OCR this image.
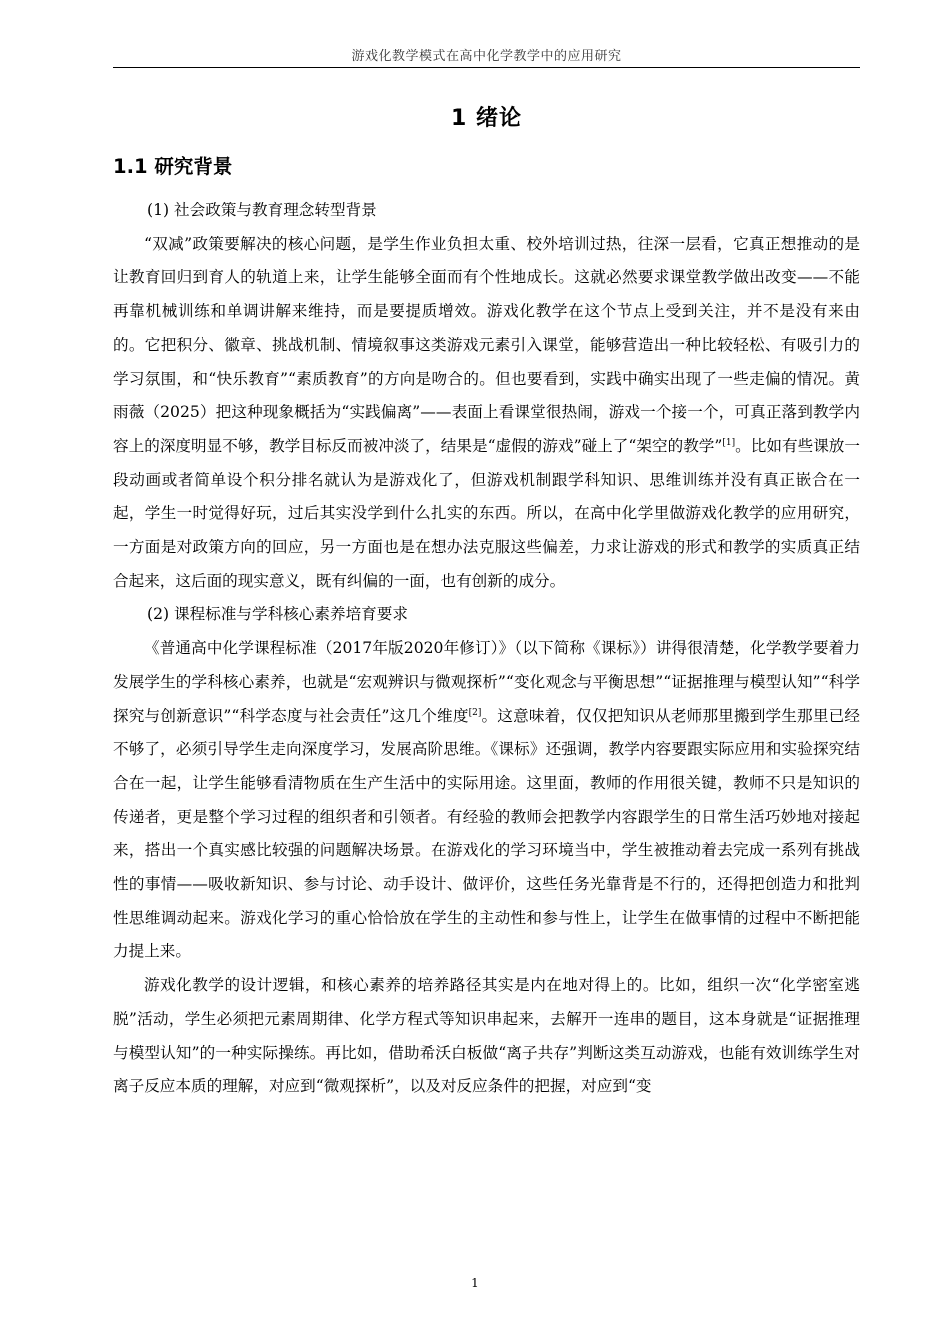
游戏化教学模式在高中化学教学中的应用研究
1 绪论
1.1 研究背景

(1) 社会政策与教育理念转型背景

“双减”政策要解决的核心问题，是学生作业负担太重、校外培训过热，往深一层看，它真正想推动的是让教育回归到育人的轨道上来，让学生能够全面而有个性地成长。这就必然要求课堂教学做出改变——不能再靠机械训练和单调讲解来维持，而是要提质增效。游戏化教学在这个节点上受到关注，并不是没有来由的。它把积分、徽章、挑战机制、情境叙事这类游戏元素引入课堂，能够营造出一种比较轻松、有吸引力的学习氛围，和“快乐教育”“素质教育”的方向是吻合的。但也要看到，实践中确实出现了一些走偏的情况。黄雨薇（2025）把这种现象概括为“实践偏离”——表面上看课堂很热闹，游戏一个接一个，可真正落到教学内容上的深度明显不够，教学目标反而被冲淡了，结果是“虚假的游戏”碰上了“架空的教学”[1]。比如有些课放一段动画或者简单设个积分排名就认为是游戏化了，但游戏机制跟学科知识、思维训练并没有真正嵌合在一起，学生一时觉得好玩，过后其实没学到什么扎实的东西。所以，在高中化学里做游戏化教学的应用研究，一方面是对政策方向的回应，另一方面也是在想办法克服这些偏差，力求让游戏的形式和教学的实质真正结合起来，这后面的现实意义，既有纠偏的一面，也有创新的成分。

(2) 课程标准与学科核心素养培育要求

《普通高中化学课程标准（2017年版2020年修订）》（以下简称《课标》）讲得很清楚，化学教学要着力发展学生的学科核心素养，也就是“宏观辨识与微观探析”“变化观念与平衡思想”“证据推理与模型认知”“科学探究与创新意识”“科学态度与社会责任”这几个维度[2]。这意味着，仅仅把知识从老师那里搬到学生那里已经不够了，必须引导学生走向深度学习，发展高阶思维。《课标》还强调，教学内容要跟实际应用和实验探究结合在一起，让学生能够看清物质在生产生活中的实际用途。这里面，教师的作用很关键，教师不只是知识的传递者，更是整个学习过程的组织者和引领者。有经验的教师会把教学内容跟学生的日常生活巧妙地对接起来，搭出一个真实感比较强的问题解决场景。在游戏化的学习环境当中，学生被推动着去完成一系列有挑战性的事情——吸收新知识、参与讨论、动手设计、做评价，这些任务光靠背是不行的，还得把创造力和批判性思维调动起来。游戏化学习的重心恰恰放在学生的主动性和参与性上，让学生在做事情的过程中不断把能力提上来。

游戏化教学的设计逻辑，和核心素养的培养路径其实是内在地对得上的。比如，组织一次“化学密室逃脱”活动，学生必须把元素周期律、化学方程式等知识串起来，去解开一连串的题目，这本身就是“证据推理与模型认知”的一种实际操练。再比如，借助希沃白板做“离子共存”判断这类互动游戏，也能有效训练学生对离子反应本质的理解，对应到“微观探析”，以及对反应条件的把握，对应到“变

1
